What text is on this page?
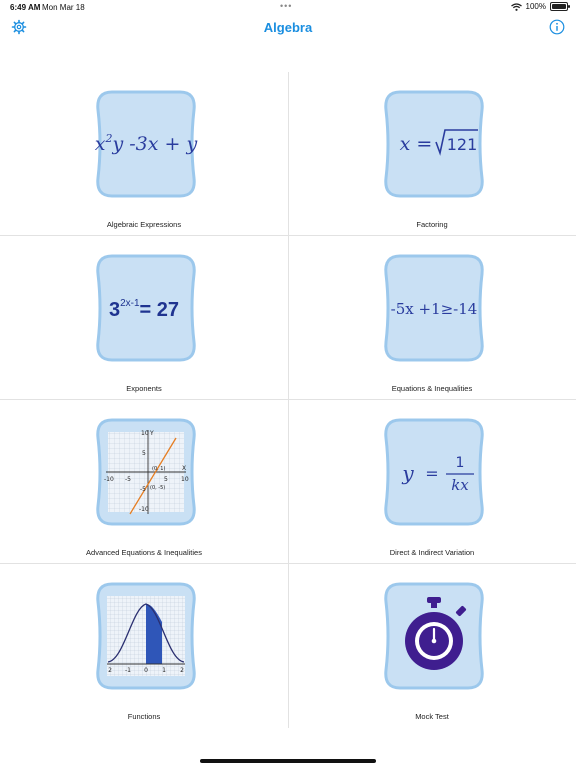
6:49 AM Mon Mar 18	•••	100%
Algebra
$x^2y$ -3x + y
Algebraic Expressions
x = 121
Factoring
$3^{2x-1}= 27$
Exponents
-5x +1≥-14
Equations & Inequalities
10 Y
5
-5
-10
-10 -5	5
X
10
(0, 1)
(0, -5)
Advanced Equations & Inequalities
y =
1
kx
Direct & Indirect Variation
2 -1 0 1 2
Functions	Mock Test
